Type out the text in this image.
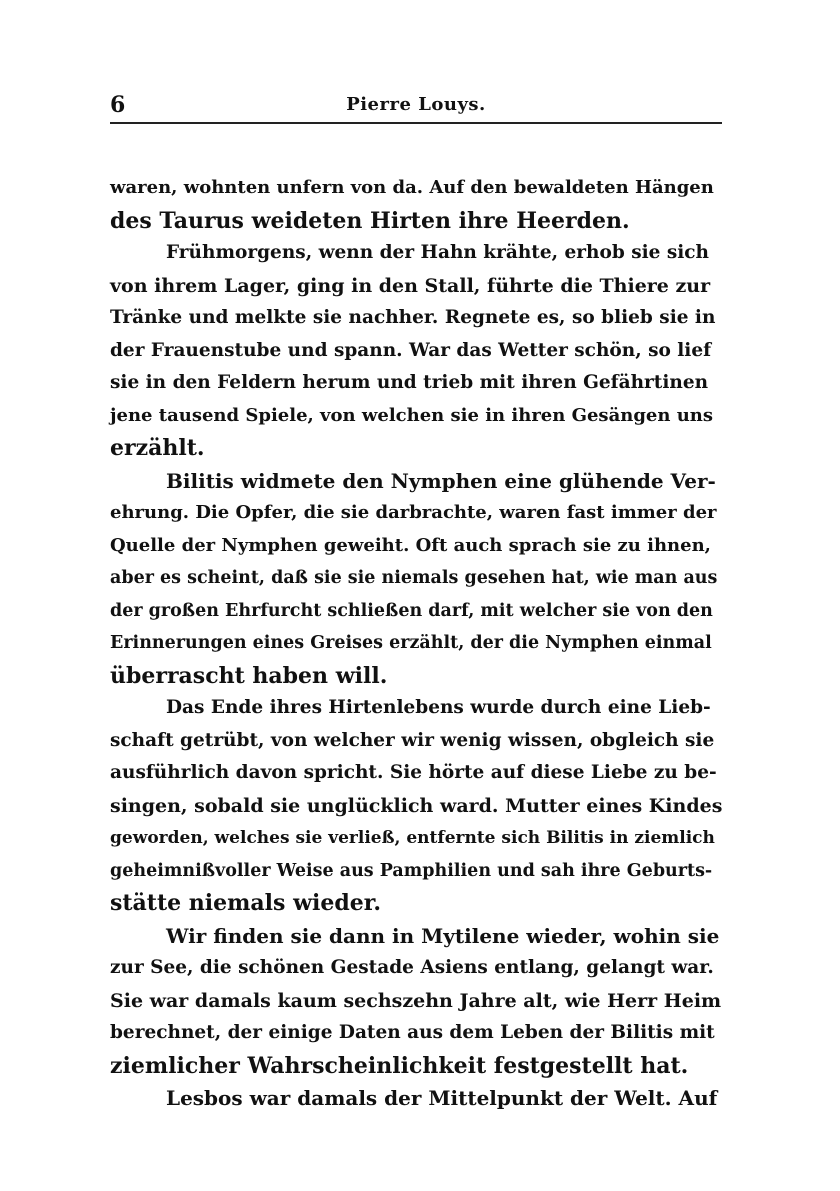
6	Pierre Louys.
waren, wohnten unfern von da. Auf den bewaldeten Hängen
des Taurus weideten Hirten ihre Heerden.
Frühmorgens, wenn der Hahn krähte, erhob sie sich
von ihrem Lager, ging in den Stall, führte die Thiere zur
Tränke und melkte sie nachher. Regnete es, so blieb sie in
der Frauenstube und spann. War das Wetter schön, so lief
sie in den Feldern herum und trieb mit ihren Gefährtinen
jene tausend Spiele, von welchen sie in ihren Gesängen uns
erzählt.
Bilitis widmete den Nymphen eine glühende Ver-
ehrung. Die Opfer, die sie darbrachte, waren fast immer der
Quelle der Nymphen geweiht. Oft auch sprach sie zu ihnen,
aber es scheint, daß sie sie niemals gesehen hat, wie man aus
der großen Ehrfurcht schließen darf, mit welcher sie von den
Erinnerungen eines Greises erzählt, der die Nymphen einmal
überrascht haben will.
Das Ende ihres Hirtenlebens wurde durch eine Lieb-
schaft getrübt, von welcher wir wenig wissen, obgleich sie
ausführlich davon spricht. Sie hörte auf diese Liebe zu be-
singen, sobald sie unglücklich ward. Mutter eines Kindes
geworden, welches sie verließ, entfernte sich Bilitis in ziemlich
geheimnißvoller Weise aus Pamphilien und sah ihre Geburts-
stätte niemals wieder.
Wir finden sie dann in Mytilene wieder, wohin sie
zur See, die schönen Gestade Asiens entlang, gelangt war.
Sie war damals kaum sechszehn Jahre alt, wie Herr Heim
berechnet, der einige Daten aus dem Leben der Bilitis mit
ziemlicher Wahrscheinlichkeit festgestellt hat.
Lesbos war damals der Mittelpunkt der Welt. Auf
